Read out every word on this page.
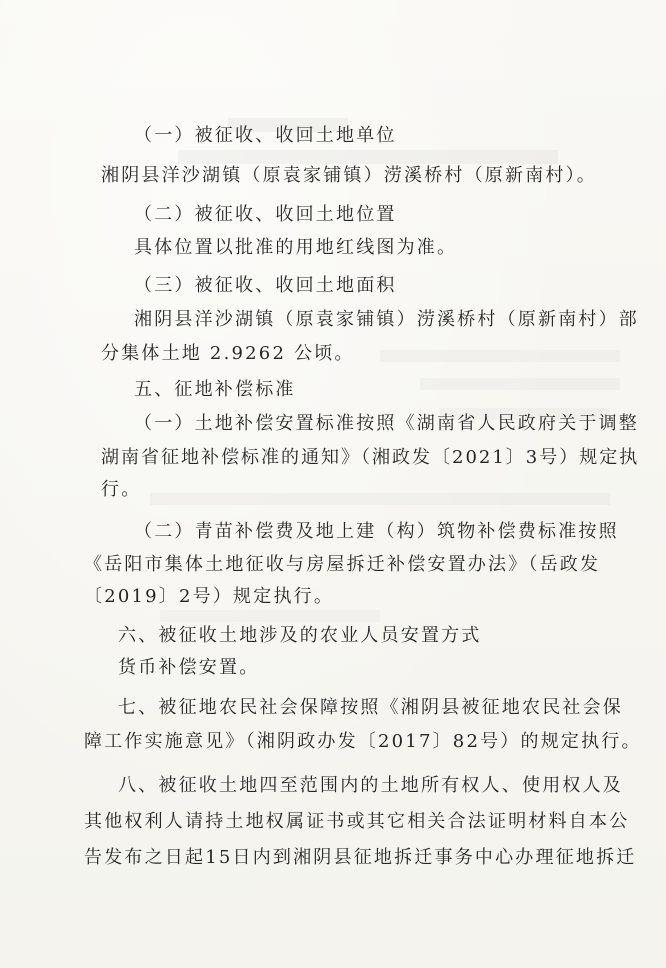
（一）被征收、收回土地单位
湘阴县洋沙湖镇（原袁家铺镇）涝溪桥村（原新南村）。
（二）被征收、收回土地位置
具体位置以批准的用地红线图为准。
（三）被征收、收回土地面积
湘阴县洋沙湖镇（原袁家铺镇）涝溪桥村（原新南村）部
分集体土地 2.9262 公顷。
五、征地补偿标准
（一）土地补偿安置标准按照《湖南省人民政府关于调整
湖南省征地补偿标准的通知》（湘政发〔2021〕3号）规定执
行。
（二）青苗补偿费及地上建（构）筑物补偿费标准按照
《岳阳市集体土地征收与房屋拆迁补偿安置办法》（岳政发
〔2019〕2号）规定执行。
六、被征收土地涉及的农业人员安置方式
货币补偿安置。
七、被征地农民社会保障按照《湘阴县被征地农民社会保
障工作实施意见》（湘阴政办发〔2017〕82号）的规定执行。
八、被征收土地四至范围内的土地所有权人、使用权人及
其他权利人请持土地权属证书或其它相关合法证明材料自本公
告发布之日起15日内到湘阴县征地拆迁事务中心办理征地拆迁
